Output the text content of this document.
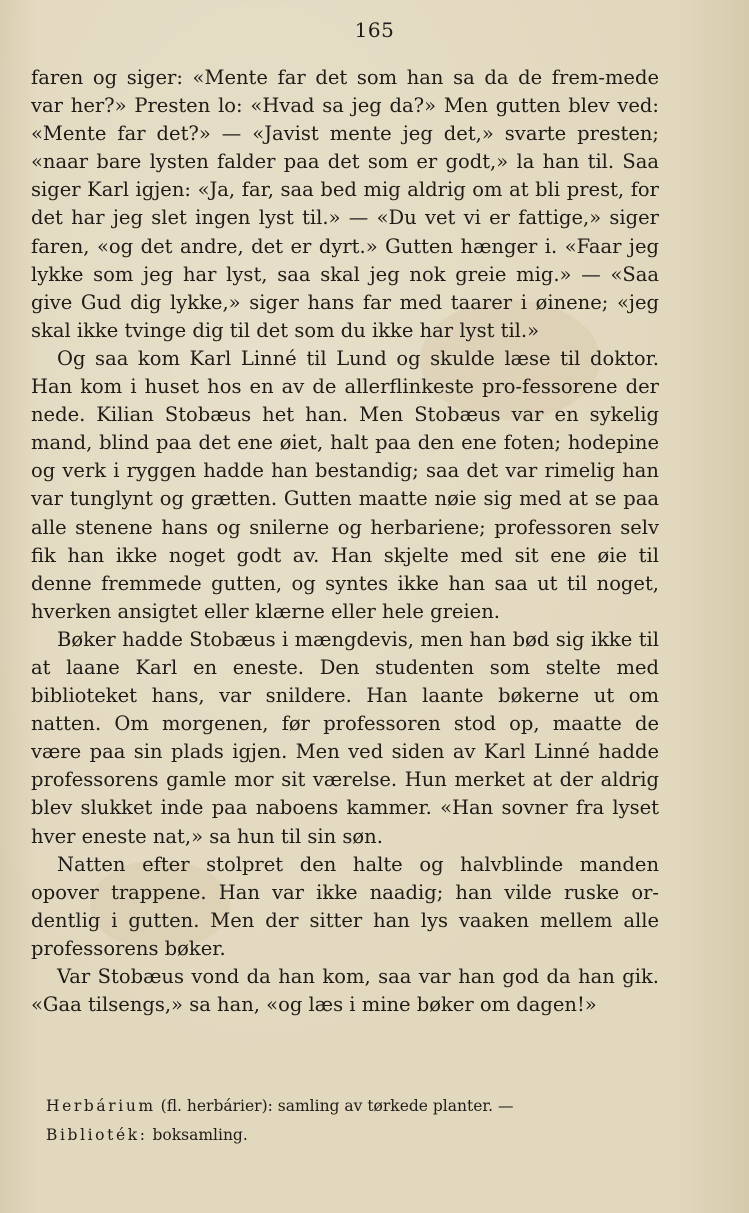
165

faren og siger: «Mente far det som han sa da de frem-mede var her?» Presten lo: «Hvad sa jeg da?» Men gutten blev ved: «Mente far det?» — «Javist mente jeg det,» svarte presten; «naar bare lysten falder paa det som er godt,» la han til. Saa siger Karl igjen: «Ja, far, saa bed mig aldrig om at bli prest, for det har jeg slet ingen lyst til.» — «Du vet vi er fattige,» siger faren, «og det andre, det er dyrt.» Gutten hænger i. «Faar jeg lykke som jeg har lyst, saa skal jeg nok greie mig.» — «Saa give Gud dig lykke,» siger hans far med taarer i øinene; «jeg skal ikke tvinge dig til det som du ikke har lyst til.»

Og saa kom Karl Linné til Lund og skulde læse til doktor. Han kom i huset hos en av de allerflinkeste pro-fessorene der nede. Kilian Stobæus het han. Men Stobæus var en sykelig mand, blind paa det ene øiet, halt paa den ene foten; hodepine og verk i ryggen hadde han bestandig; saa det var rimelig han var tunglynt og grætten. Gutten maatte nøie sig med at se paa alle stenene hans og snilerne og herbariene; professoren selv fik han ikke noget godt av. Han skjelte med sit ene øie til denne fremmede gutten, og syntes ikke han saa ut til noget, hverken ansigtet eller klærne eller hele greien.

Bøker hadde Stobæus i mængdevis, men han bød sig ikke til at laane Karl en eneste. Den studenten som stelte med biblioteket hans, var snildere. Han laante bøkerne ut om natten. Om morgenen, før professoren stod op, maatte de være paa sin plads igjen. Men ved siden av Karl Linné hadde professorens gamle mor sit værelse. Hun merket at der aldrig blev slukket inde paa naboens kammer. «Han sovner fra lyset hver eneste nat,» sa hun til sin søn.

Natten efter stolpret den halte og halvblinde manden opover trappene. Han var ikke naadig; han vilde ruske or-dentlig i gutten. Men der sitter han lys vaaken mellem alle professorens bøker.

Var Stobæus vond da han kom, saa var han god da han gik. «Gaa tilsengs,» sa han, «og læs i mine bøker om dagen!»

Herbárium (fl. herbárier): samling av tørkede planter. —

Biblioték: boksamling.
